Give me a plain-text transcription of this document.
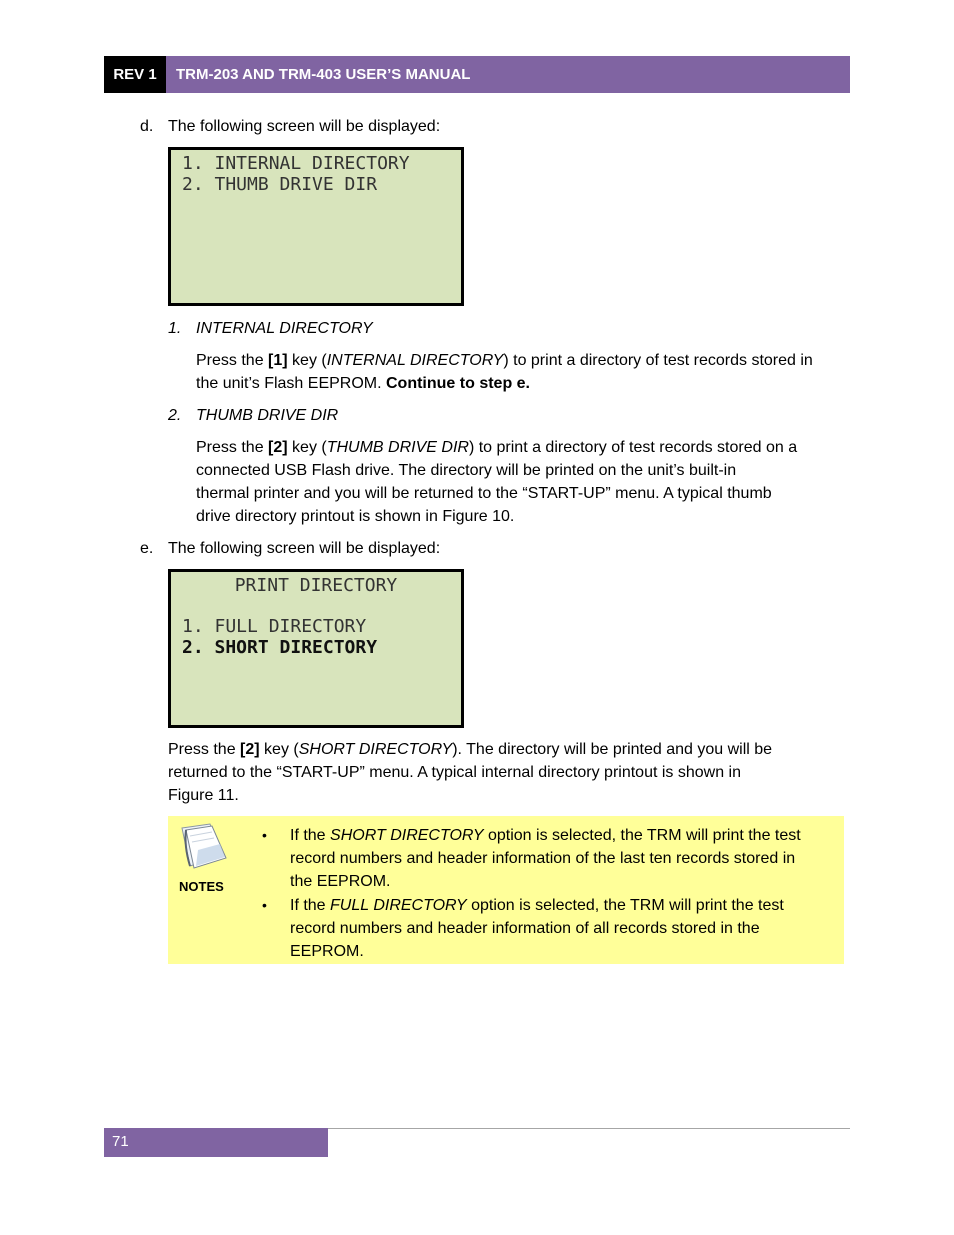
REV 1	TRM-203 AND TRM-403 USER’S MANUAL
d. The following screen will be displayed:
1. INTERNAL DIRECTORY
2. THUMB DRIVE DIR
1. INTERNAL DIRECTORY
Press the [1] key (INTERNAL DIRECTORY) to print a directory of test records stored in
the unit’s Flash EEPROM. Continue to step e.
2. THUMB DRIVE DIR
Press the [2] key (THUMB DRIVE DIR) to print a directory of test records stored on a
connected USB Flash drive. The directory will be printed on the unit’s built-in
thermal printer and you will be returned to the “START-UP” menu. A typical thumb
drive directory printout is shown in Figure 10.
e. The following screen will be displayed:
PRINT DIRECTORY

1. FULL DIRECTORY
2. SHORT DIRECTORY
Press the [2] key (SHORT DIRECTORY). The directory will be printed and you will be
returned to the “START-UP” menu. A typical internal directory printout is shown in
Figure 11.
NOTES
• If the SHORT DIRECTORY option is selected, the TRM will print the test
record numbers and header information of the last ten records stored in
the EEPROM.
• If the FULL DIRECTORY option is selected, the TRM will print the test
record numbers and header information of all records stored in the
EEPROM.
71
